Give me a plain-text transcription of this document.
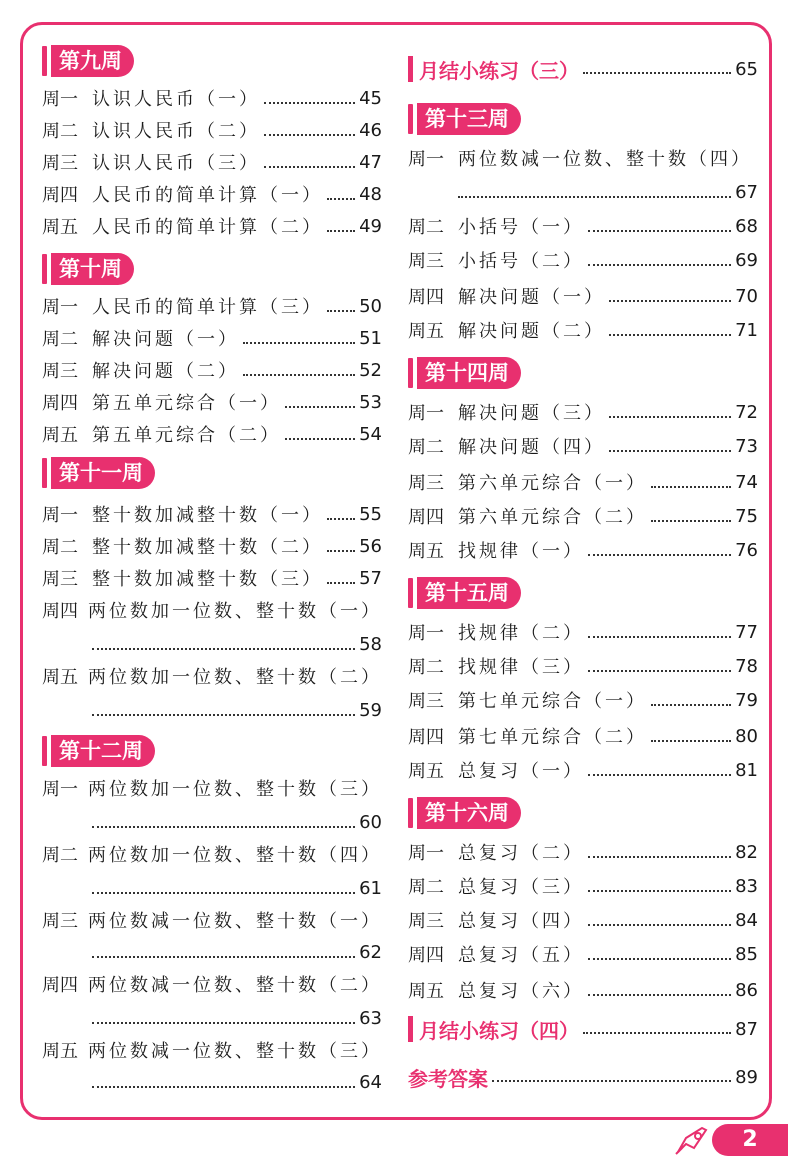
第九周
周一 认识人民币（一）	45
周二 认识人民币（二）	46
周三 认识人民币（三）	47
周四 人民币的简单计算（一） 48
周五 人民币的简单计算（二） 49
第十周
周一 人民币的简单计算（三） 50
周二 解决问题（一）	51
周三 解决问题（二）	52
周四 第五单元综合（一）	53
周五 第五单元综合（二）	54
第十一周
周一 整十数加减整十数（一） 55
周二 整十数加减整十数（二） 56
周三 整十数加减整十数（三） 57
周四 两位数加一位数、整十数（一）
58
周五 两位数加一位数、整十数（二）
59
第十二周
周一 两位数加一位数、整十数（三）
60
周二 两位数加一位数、整十数（四）
61
周三 两位数减一位数、整十数（一）
62
周四 两位数减一位数、整十数（二）
63
周五 两位数减一位数、整十数（三）
64
月结小练习（三）	65
第十三周
周一 两位数减一位数、整十数（四）
67
周二 小括号（一）	68
周三 小括号（二）	69
周四 解决问题（一）	70
周五 解决问题（二）	71
第十四周
周一 解决问题（三）	72
周二 解决问题（四）	73
周三 第六单元综合（一）	74
周四 第六单元综合（二）	75
周五 找规律（一）	76
第十五周
周一 找规律（二）	77
周二 找规律（三）	78
周三 第七单元综合（一）	79
周四 第七单元综合（二）	80
周五 总复习（一）	81
第十六周
周一 总复习（二）	82
周二 总复习（三）	83
周三 总复习（四）	84
周四 总复习（五）	85
周五 总复习（六）	86
月结小练习（四）	87
参考答案	89
2
